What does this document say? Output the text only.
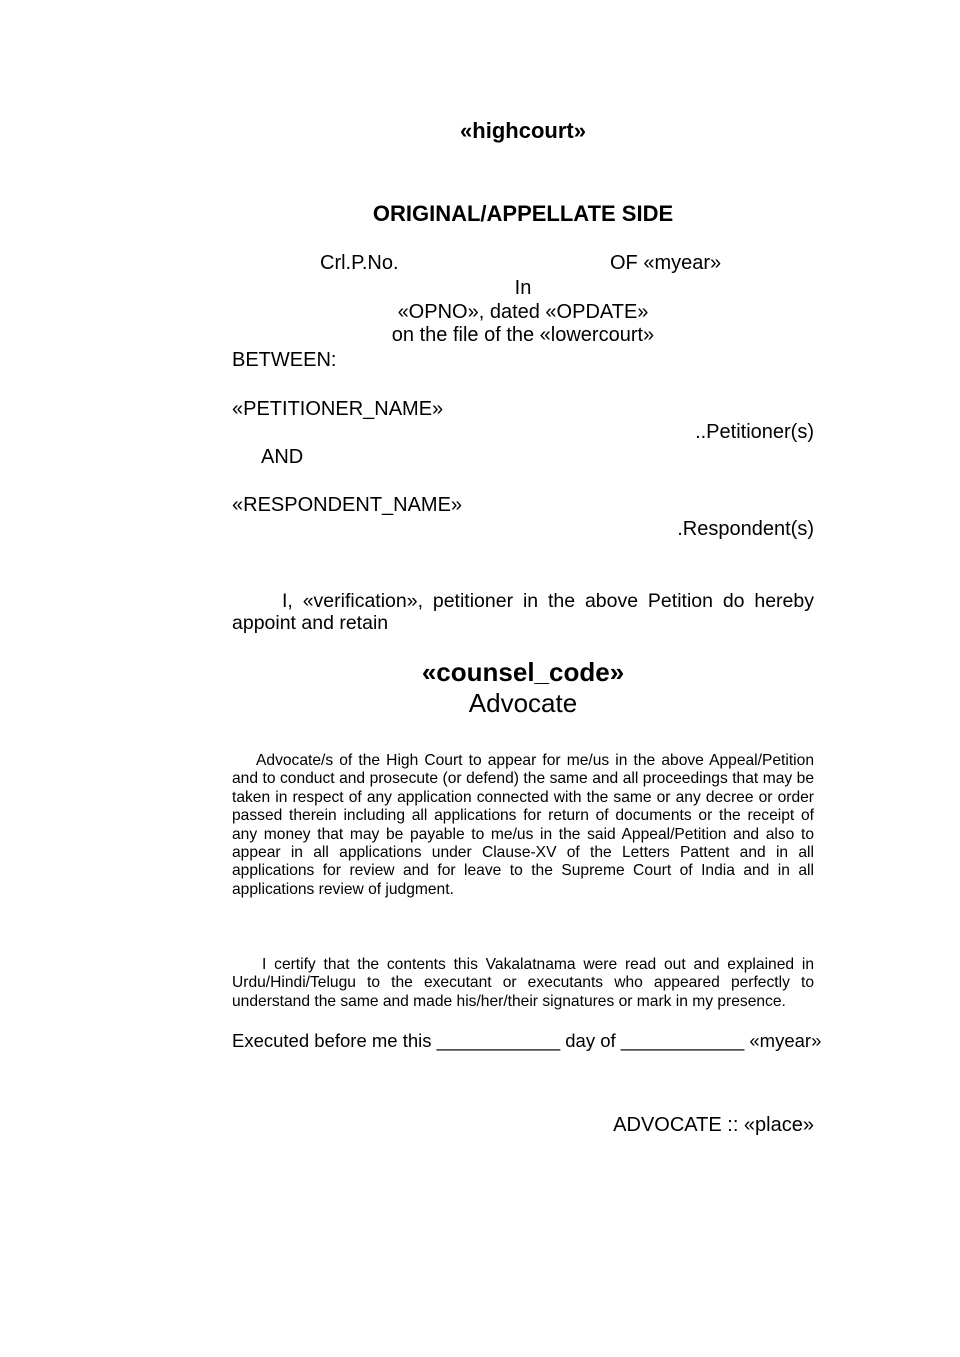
«highcourt»
ORIGINAL/APPELLATE SIDE
Crl.P.No.	OF «myear»
In
«OPNO», dated «OPDATE»
on the file of the «lowercourt»
BETWEEN:
«PETITIONER_NAME»
..Petitioner(s)
AND
«RESPONDENT_NAME»
.Respondent(s)
I, «verification», petitioner in the above Petition do hereby appoint and retain
«counsel_code»
Advocate
Advocate/s of the High Court to appear for me/us in the above Appeal/Petition and to conduct and prosecute (or defend) the same and all proceedings that may be taken in respect of any application connected with the same or any decree or order passed therein including all applications for return of documents or the receipt of any money that may be payable to me/us in the said Appeal/Petition and also to appear in all applications under Clause-XV of the Letters Pattent and in all applications for review and for leave to the Supreme Court of India and in all applications review of judgment.
I certify that the contents this Vakalatnama were read out and explained in Urdu/Hindi/Telugu to the executant or executants who appeared perfectly to understand the same and made his/her/their signatures or mark in my presence.
Executed before me this ____________ day of ____________ «myear»
ADVOCATE :: «place»
